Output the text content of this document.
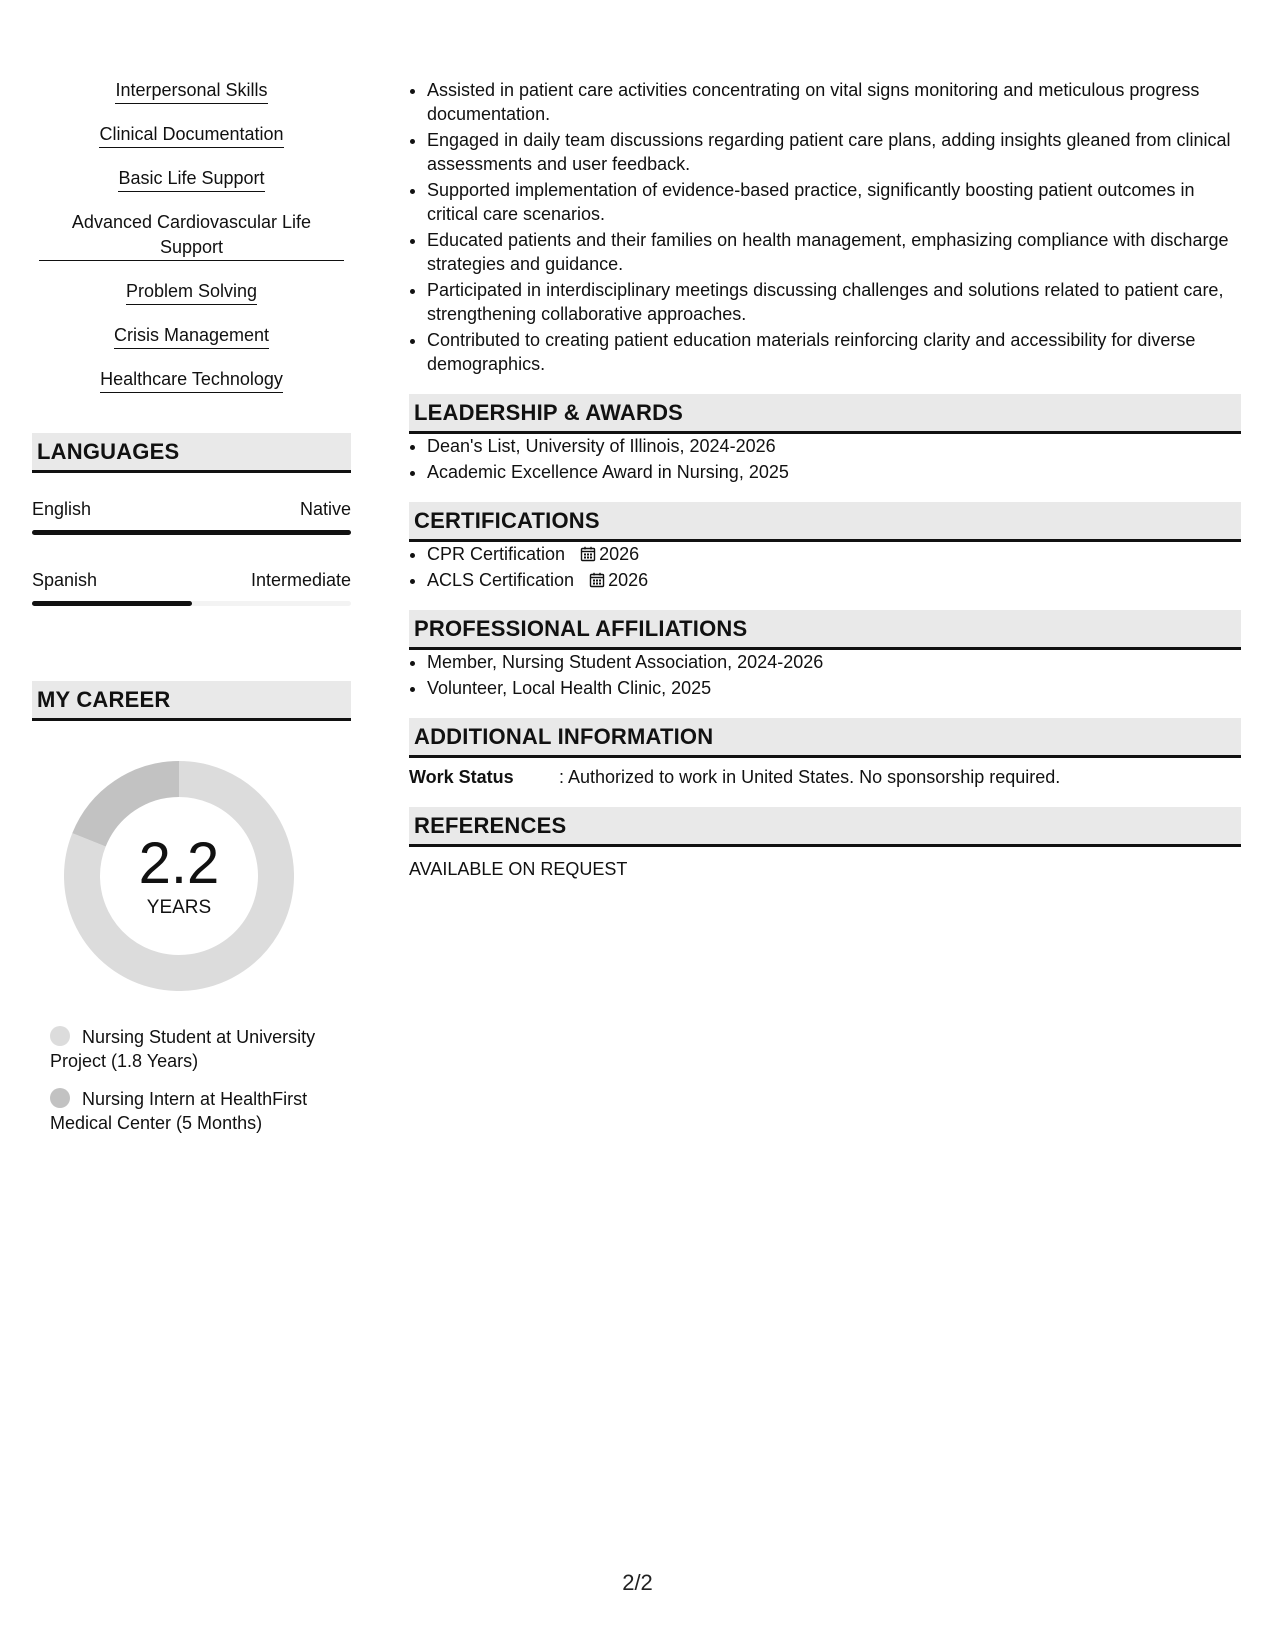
Interpersonal Skills
Clinical Documentation
Basic Life Support
Advanced Cardiovascular Life Support
Problem Solving
Crisis Management
Healthcare Technology
LANGUAGES
English	Native
Spanish	Intermediate
MY CAREER
2.2
YEARS
Nursing Student at University Project (1.8 Years)
Nursing Intern at HealthFirst Medical Center (5 Months)
• Assisted in patient care activities concentrating on vital signs monitoring and meticulous progress documentation.
• Engaged in daily team discussions regarding patient care plans, adding insights gleaned from clinical assessments and user feedback.
• Supported implementation of evidence-based practice, significantly boosting patient outcomes in critical care scenarios.
• Educated patients and their families on health management, emphasizing compliance with discharge strategies and guidance.
• Participated in interdisciplinary meetings discussing challenges and solutions related to patient care, strengthening collaborative approaches.
• Contributed to creating patient education materials reinforcing clarity and accessibility for diverse demographics.
LEADERSHIP & AWARDS
• Dean's List, University of Illinois, 2024-2026
• Academic Excellence Award in Nursing, 2025
CERTIFICATIONS
• CPR Certification 2026
• ACLS Certification 2026
PROFESSIONAL AFFILIATIONS
• Member, Nursing Student Association, 2024-2026
• Volunteer, Local Health Clinic, 2025
ADDITIONAL INFORMATION
Work Status	: Authorized to work in United States. No sponsorship required.
REFERENCES
AVAILABLE ON REQUEST
2/2
